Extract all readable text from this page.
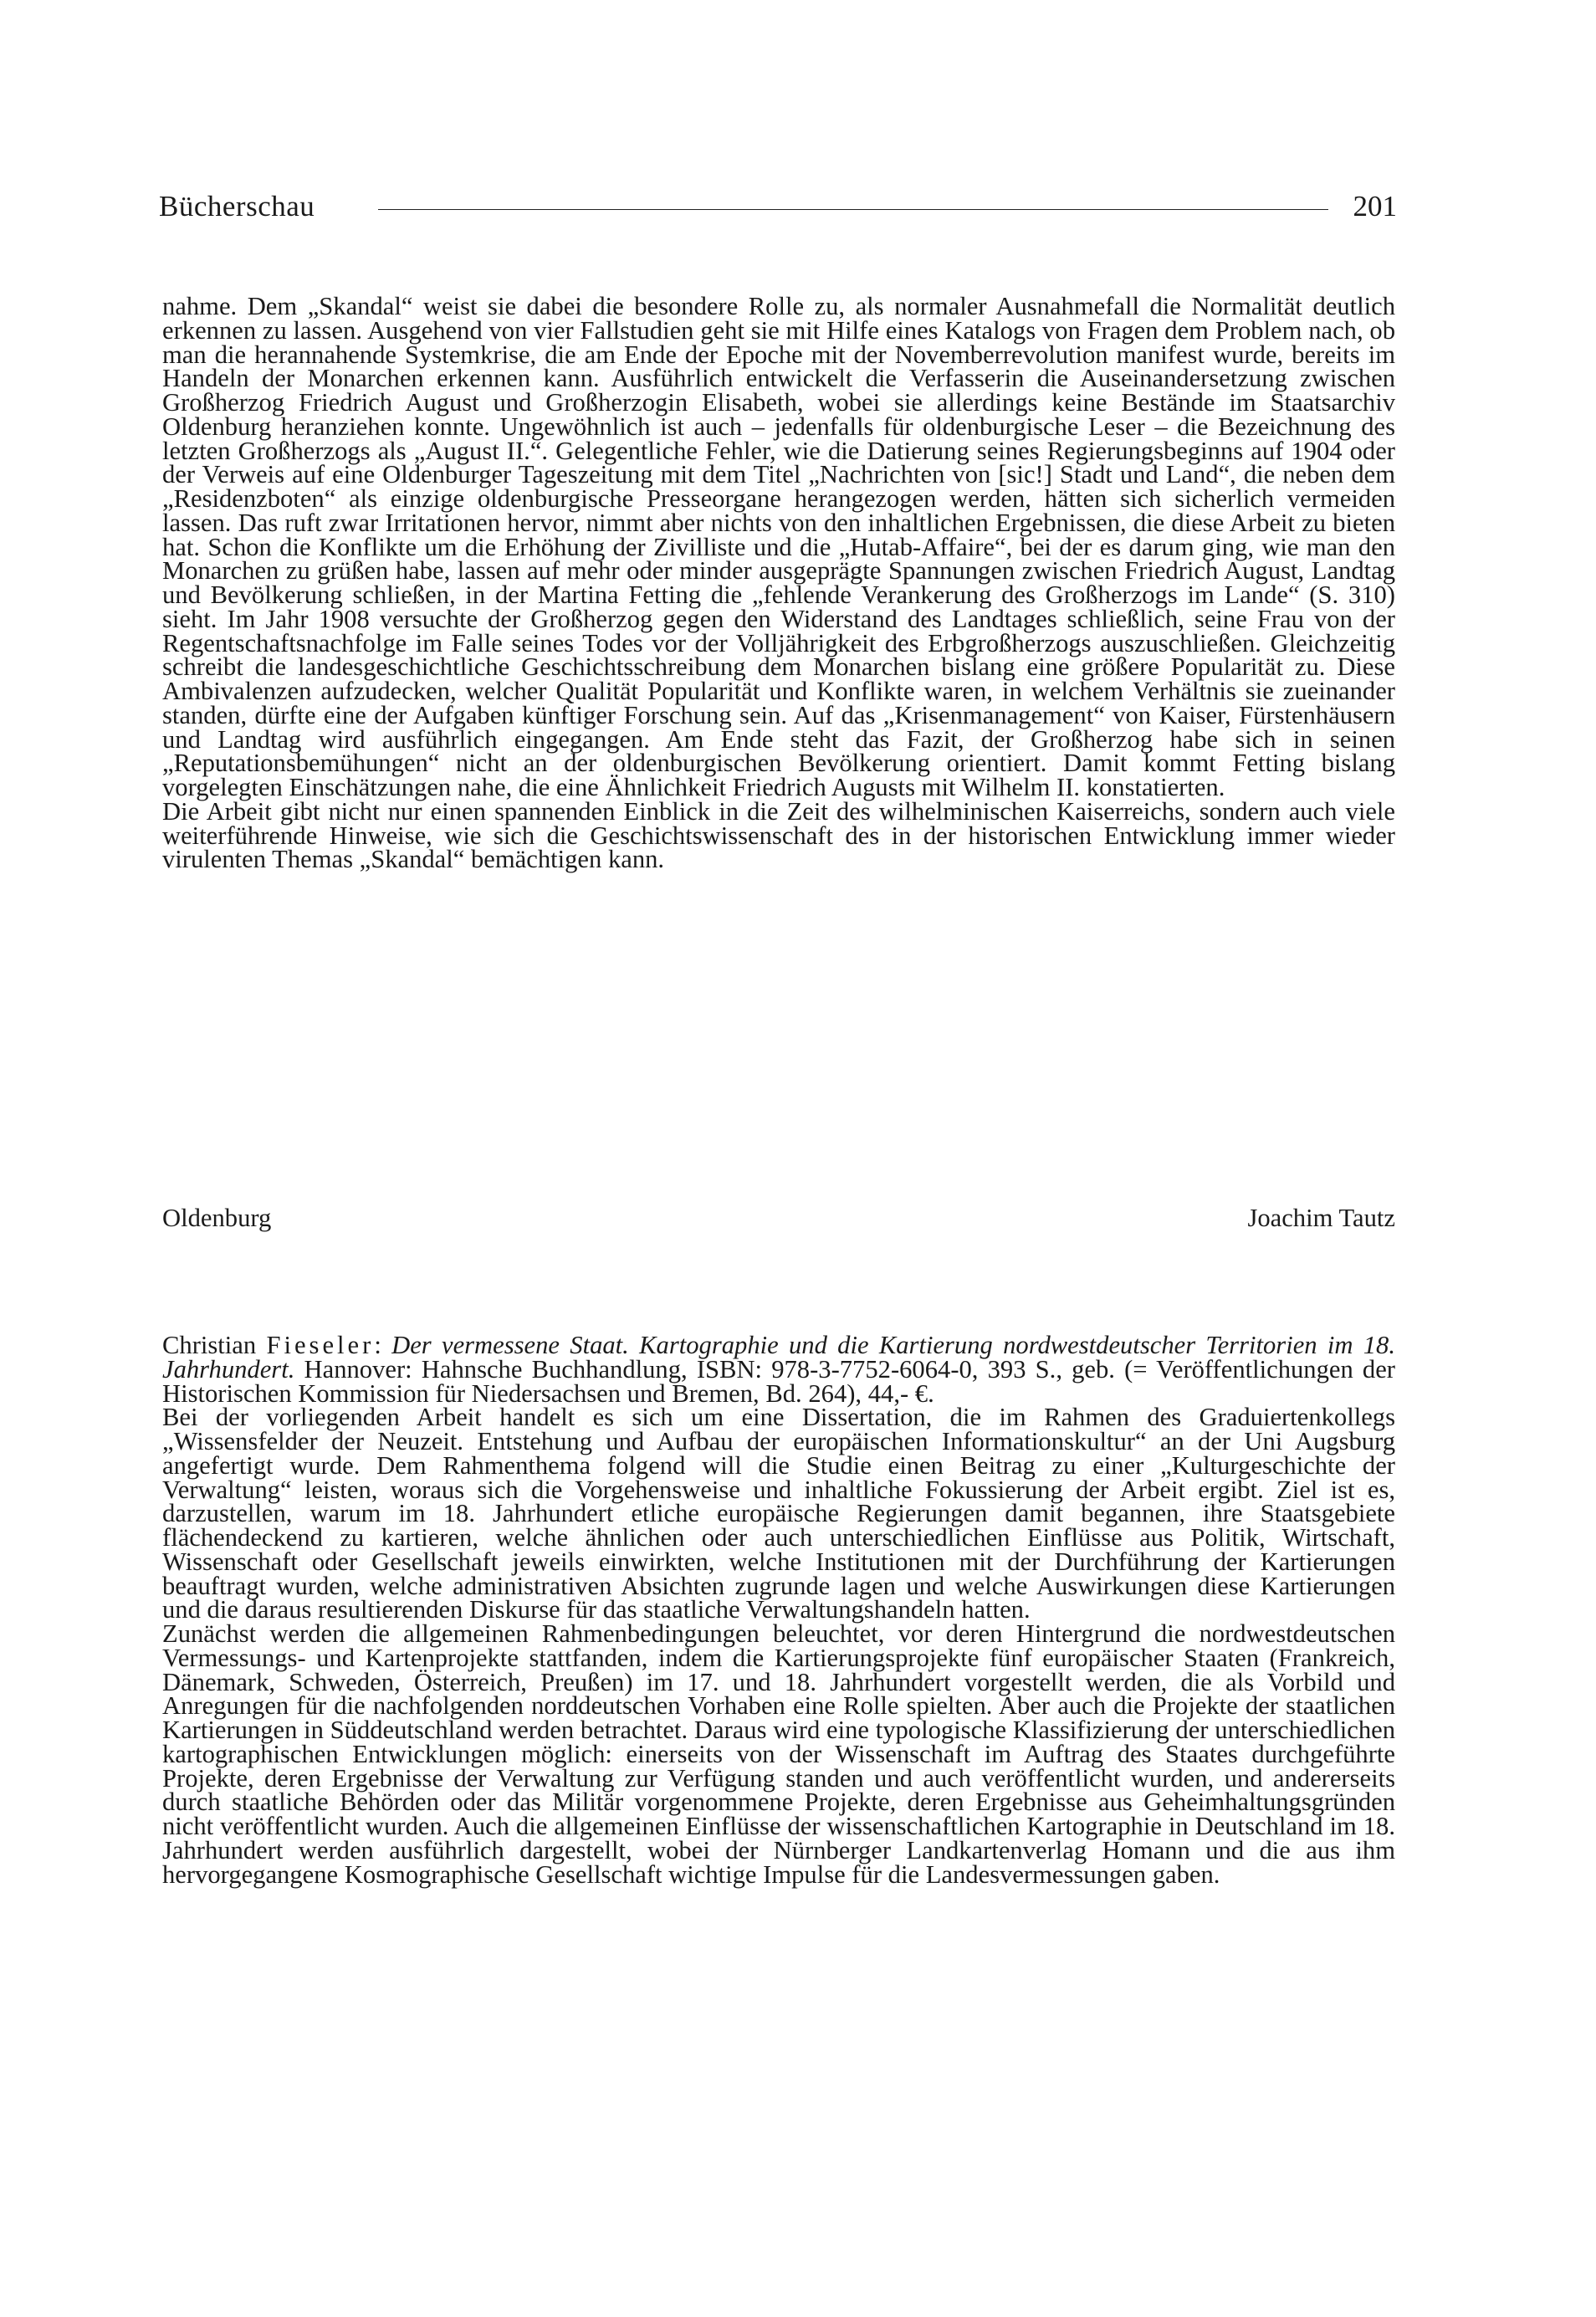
Bücherschau	201

nahme. Dem „Skandal“ weist sie dabei die besondere Rolle zu, als normaler Ausnahmefall die Normalität deutlich erkennen zu lassen. Ausgehend von vier Fallstudien geht sie mit Hilfe eines Katalogs von Fragen dem Problem nach, ob man die herannahende Systemkrise, die am Ende der Epoche mit der Novemberrevolution manifest wurde, bereits im Handeln der Monarchen erkennen kann. Ausführlich entwickelt die Verfasserin die Auseinandersetzung zwischen Großherzog Friedrich August und Großherzogin Elisabeth, wobei sie allerdings keine Bestände im Staatsarchiv Oldenburg heranziehen konnte. Ungewöhnlich ist auch – jedenfalls für oldenburgische Leser – die Bezeichnung des letzten Großherzogs als „August II.“. Gelegentliche Fehler, wie die Datierung seines Regierungsbeginns auf 1904 oder der Verweis auf eine Oldenburger Tageszeitung mit dem Titel „Nachrichten von [sic!] Stadt und Land“, die neben dem „Residenzboten“ als einzige oldenburgische Presseorgane herangezogen werden, hätten sich sicherlich vermeiden lassen. Das ruft zwar Irritationen hervor, nimmt aber nichts von den inhaltlichen Ergebnissen, die diese Arbeit zu bieten hat. Schon die Konflikte um die Erhöhung der Zivilliste und die „Hutab-Affaire“, bei der es darum ging, wie man den Monarchen zu grüßen habe, lassen auf mehr oder minder ausgeprägte Spannungen zwischen Friedrich August, Landtag und Bevölkerung schließen, in der Martina Fetting die „fehlende Verankerung des Großherzogs im Lande“ (S. 310) sieht. Im Jahr 1908 versuchte der Großherzog gegen den Widerstand des Landtages schließlich, seine Frau von der Regentschaftsnachfolge im Falle seines Todes vor der Volljährigkeit des Erbgroßherzogs auszuschließen. Gleichzeitig schreibt die landesgeschichtliche Geschichtsschreibung dem Monarchen bislang eine größere Popularität zu. Diese Ambivalenzen aufzudecken, welcher Qualität Popularität und Konflikte waren, in welchem Verhältnis sie zueinander standen, dürfte eine der Aufgaben künftiger Forschung sein. Auf das „Krisenmanagement“ von Kaiser, Fürstenhäusern und Landtag wird ausführlich eingegangen. Am Ende steht das Fazit, der Großherzog habe sich in seinen „Reputationsbemühungen“ nicht an der oldenburgischen Bevölkerung orientiert. Damit kommt Fetting bislang vorgelegten Einschätzungen nahe, die eine Ähnlichkeit Friedrich Augusts mit Wilhelm II. konstatierten.

Die Arbeit gibt nicht nur einen spannenden Einblick in die Zeit des wilhelminischen Kaiserreichs, sondern auch viele weiterführende Hinweise, wie sich die Geschichtswissenschaft des in der historischen Entwicklung immer wieder virulenten Themas „Skandal“ bemächtigen kann.

Oldenburg	Joachim Tautz

Christian Fieseler: Der vermessene Staat. Kartographie und die Kartierung nordwestdeutscher Territorien im 18. Jahrhundert. Hannover: Hahnsche Buchhandlung, ISBN: 978-3-7752-6064-0, 393 S., geb. (= Veröffentlichungen der Historischen Kommission für Niedersachsen und Bremen, Bd. 264), 44,- €.

Bei der vorliegenden Arbeit handelt es sich um eine Dissertation, die im Rahmen des Graduiertenkollegs „Wissensfelder der Neuzeit. Entstehung und Aufbau der europäischen Informationskultur“ an der Uni Augsburg angefertigt wurde. Dem Rahmenthema folgend will die Studie einen Beitrag zu einer „Kulturgeschichte der Verwaltung“ leisten, woraus sich die Vorgehensweise und inhaltliche Fokussierung der Arbeit ergibt. Ziel ist es, darzustellen, warum im 18. Jahrhundert etliche europäische Regierungen damit begannen, ihre Staatsgebiete flächendeckend zu kartieren, welche ähnlichen oder auch unterschiedlichen Einflüsse aus Politik, Wirtschaft, Wissenschaft oder Gesellschaft jeweils einwirkten, welche Institutionen mit der Durchführung der Kartierungen beauftragt wurden, welche administrativen Absichten zugrunde lagen und welche Auswirkungen diese Kartierungen und die daraus resultierenden Diskurse für das staatliche Verwaltungshandeln hatten.

Zunächst werden die allgemeinen Rahmenbedingungen beleuchtet, vor deren Hintergrund die nordwestdeutschen Vermessungs- und Kartenprojekte stattfanden, indem die Kartierungsprojekte fünf europäischer Staaten (Frankreich, Dänemark, Schweden, Österreich, Preußen) im 17. und 18. Jahrhundert vorgestellt werden, die als Vorbild und Anregungen für die nachfolgenden norddeutschen Vorhaben eine Rolle spielten. Aber auch die Projekte der staatlichen Kartierungen in Süddeutschland werden betrachtet. Daraus wird eine typologische Klassifizierung der unterschiedlichen kartographischen Entwicklungen möglich: einerseits von der Wissenschaft im Auftrag des Staates durchgeführte Projekte, deren Ergebnisse der Verwaltung zur Verfügung standen und auch veröffentlicht wurden, und andererseits durch staatliche Behörden oder das Militär vorgenommene Projekte, deren Ergebnisse aus Geheimhaltungsgründen nicht veröffentlicht wurden. Auch die allgemeinen Einflüsse der wissenschaftlichen Kartographie in Deutschland im 18. Jahrhundert werden ausführlich dargestellt, wobei der Nürnberger Landkartenverlag Homann und die aus ihm hervorgegangene Kosmographische Gesellschaft wichtige Impulse für die Landesvermessungen gaben.
